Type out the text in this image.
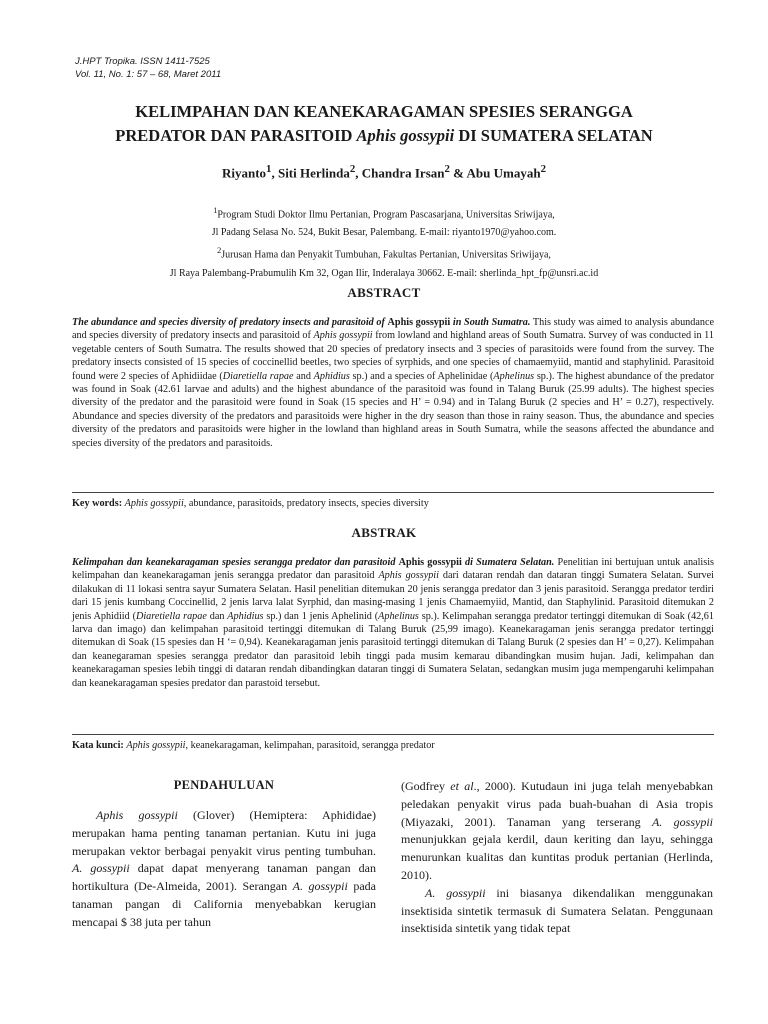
J.HPT Tropika. ISSN 1411-7525
Vol. 11, No. 1: 57 – 68, Maret 2011
KELIMPAHAN DAN KEANEKARAGAMAN SPESIES SERANGGA
PREDATOR DAN PARASITOID Aphis gossypii DI SUMATERA SELATAN
Riyanto$^1$, Siti Herlinda$^2$, Chandra Irsan$^2$ & Abu Umayah$^2$
$^1$Program Studi Doktor Ilmu Pertanian, Program Pascasarjana, Universitas Sriwijaya,
Jl Padang Selasa No. 524, Bukit Besar, Palembang. E-mail: riyanto1970@yahoo.com.
$^2$Jurusan Hama dan Penyakit Tumbuhan, Fakultas Pertanian, Universitas Sriwijaya,
Jl Raya Palembang-Prabumulih Km 32, Ogan Ilir, Inderalaya 30662. E-mail: sherlinda_hpt_fp@unsri.ac.id
ABSTRACT
The abundance and species diversity of predatory insects and parasitoid of Aphis gossypii in South Sumatra. This study was aimed to analysis abundance and species diversity of predatory insects and parasitoid of Aphis gossypii from lowland and highland areas of South Sumatra. Survey of was conducted in 11 vegetable centers of South Sumatra. The results showed that 20 species of predatory insects and 3 species of parasitoids were found from the survey. The predatory insects consisted of 15 species of coccinellid beetles, two species of syrphids, and one species of chamaemyiid, mantid and staphylinid. Parasitoid found were 2 species of Aphidiidae (Diaretiella rapae and Aphidius sp.) and a species of Aphelinidae (Aphelinus sp.). The highest abundance of the predator was found in Soak (42.61 larvae and adults) and the highest abundance of the parasitoid was found in Talang Buruk (25.99 adults). The highest species diversity of the predator and the parasitoid were found in Soak (15 species and H’ = 0.94) and in Talang Buruk (2 species and H’ = 0.27), respectively. Abundance and species diversity of the predators and parasitoids were higher in the dry season than those in rainy season. Thus, the abundance and species diversity of the predators and parasitoids were higher in the lowland than highland areas in South Sumatra, while the seasons affected the abundance and species diversity of the predators and parasitoids.
Key words: Aphis gossypii, abundance, parasitoids, predatory insects, species diversity
ABSTRAK
Kelimpahan dan keanekaragaman spesies serangga predator dan parasitoid Aphis gossypii di Sumatera Selatan. Penelitian ini bertujuan untuk analisis kelimpahan dan keanekaragaman jenis serangga predator dan parasitoid Aphis gossypii dari dataran rendah dan dataran tinggi Sumatera Selatan. Survei dilakukan di 11 lokasi sentra sayur Sumatera Selatan. Hasil penelitian ditemukan 20 jenis serangga predator dan 3 jenis parasitoid. Serangga predator terdiri dari 15 jenis kumbang Coccinellid, 2 jenis larva lalat Syrphid, dan masing-masing 1 jenis Chamaemyiid, Mantid, dan Staphylinid. Parasitoid ditemukan 2 jenis Aphidiid (Diaretiella rapae dan Aphidius sp.) dan 1 jenis Aphelinid (Aphelinus sp.). Kelimpahan serangga predator tertinggi ditemukan di Soak (42,61 larva dan imago) dan kelimpahan parasitoid tertinggi ditemukan di Talang Buruk (25,99 imago). Keanekaragaman jenis serangga predator tertinggi ditemukan di Soak (15 spesies dan H ‘= 0,94). Keanekaragaman jenis parasitoid tertinggi ditemukan di Talang Buruk (2 spesies dan H’ = 0,27). Kelimpahan dan keanegaraman spesies serangga predator dan parasitoid lebih tinggi pada musim kemarau dibandingkan musim hujan. Jadi, kelimpahan dan keanekaragaman spesies lebih tinggi di dataran rendah dibandingkan dataran tinggi di Sumatera Selatan, sedangkan musim juga mempengaruhi kelimpahan dan keanekaragaman spesies predator dan parastoid tersebut.
Kata kunci: Aphis gossypii, keanekaragaman, kelimpahan, parasitoid, serangga predator
PENDAHULUAN

Aphis gossypii (Glover) (Hemiptera: Aphididae) merupakan hama penting tanaman pertanian. Kutu ini juga merupakan vektor berbagai penyakit virus penting tumbuhan. A. gossypii dapat dapat menyerang tanaman pangan dan hortikultura (De-Almeida, 2001). Serangan A. gossypii pada tanaman pangan di California menyebabkan kerugian mencapai $ 38 juta per tahun

(Godfrey et al., 2000). Kutudaun ini juga telah menyebabkan peledakan penyakit virus pada buah-buahan di Asia tropis (Miyazaki, 2001). Tanaman yang terserang A. gossypii menunjukkan gejala kerdil, daun keriting dan layu, sehingga menurunkan kualitas dan kuntitas produk pertanian (Herlinda, 2010).

A. gossypii ini biasanya dikendalikan menggunakan insektisida sintetik termasuk di Sumatera Selatan. Penggunaan insektisida sintetik yang tidak tepat
